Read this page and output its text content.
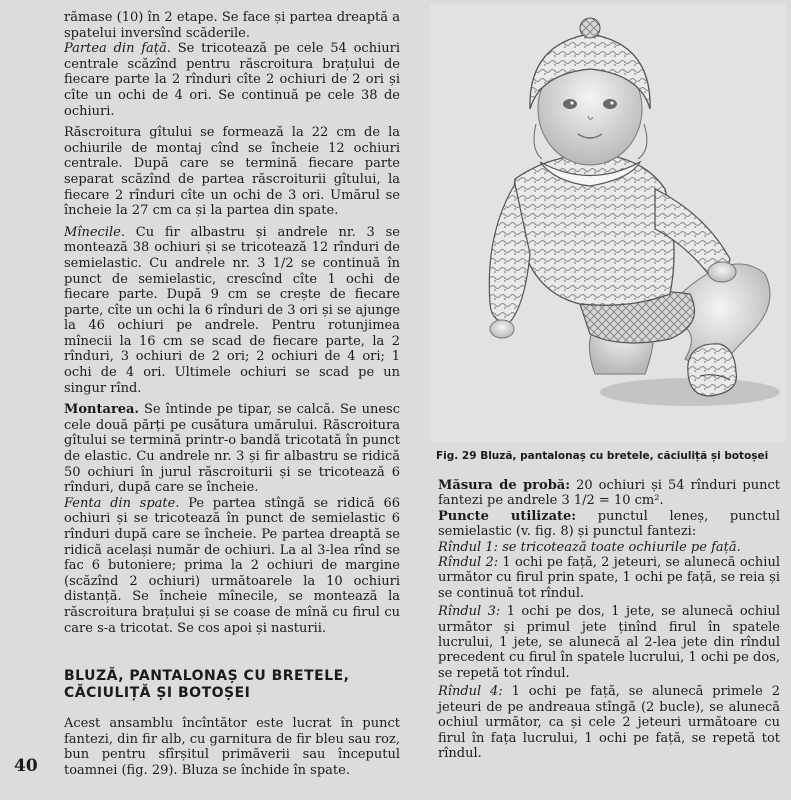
rămase (10) în 2 etape. Se face și partea dreaptă a spatelui inversînd scăderile.

Partea din față. Se tricotează pe cele 54 ochiuri centrale scăzînd pentru răscroitura brațului de fiecare parte la 2 rînduri cîte 2 ochiuri de 2 ori și cîte un ochi de 4 ori. Se continuă pe cele 38 de ochiuri.

Răscroitura gîtului se formează la 22 cm de la ochiurile de montaj cînd se încheie 12 ochiuri centrale. După care se termină fiecare parte separat scăzînd de partea răscroiturii gîtului, la fiecare 2 rînduri cîte un ochi de 3 ori. Umărul se încheie la 27 cm ca și la partea din spate.

Mînecile. Cu fir albastru și andrele nr. 3 se montează 38 ochiuri și se tricotează 12 rînduri de semielastic. Cu andrele nr. 3 1/2 se continuă în punct de semielastic, crescînd cîte 1 ochi de fiecare parte. După 9 cm se crește de fiecare parte, cîte un ochi la 6 rînduri de 3 ori și se ajunge la 46 ochiuri pe andrele. Pentru rotunjimea mînecii la 16 cm se scad de fiecare parte, la 2 rînduri, 3 ochiuri de 2 ori; 2 ochiuri de 4 ori; 1 ochi de 4 ori. Ultimele ochiuri se scad pe un singur rînd.

Montarea. Se întinde pe tipar, se calcă. Se unesc cele două părți pe cusătura umărului. Răscroitura gîtului se termină printr-o bandă tricotată în punct de elastic. Cu andrele nr. 3 și fir albastru se ridică 50 ochiuri în jurul răscroiturii și se tricotează 6 rînduri, după care se încheie.

Fenta din spate. Pe partea stîngă se ridică 66 ochiuri și se tricotează în punct de semielastic 6 rînduri după care se încheie. Pe partea dreaptă se ridică același număr de ochiuri. La al 3-lea rînd se fac 6 butoniere; prima la 2 ochiuri de margine (scăzînd 2 ochiuri) următoarele la 10 ochiuri distanță. Se încheie mînecile, se montează la răscroitura brațului și se coase de mînă cu firul cu care s-a tricotat. Se cos apoi și nasturii.

BLUZĂ, PANTALONAȘ CU BRETELE,
CĂCIULIȚĂ ȘI BOTOȘEI

Acest ansamblu încîntător este lucrat în punct fantezi, din fir alb, cu garnitura de fir bleu sau roz, bun pentru sfîrșitul primăverii sau începutul toamnei (fig. 29). Bluza se închide în spate.

40
Fig. 29 Bluză, pantalonaș cu bretele, căciuliță și botoșei

Măsura de probă: 20 ochiuri și 54 rînduri punct fantezi pe andrele 3 1/2 = 10 cm².

Puncte utilizate: punctul leneș, punctul semielastic (v. fig. 8) și punctul fantezi:

Rîndul 1: se tricotează toate ochiurile pe față.

Rîndul 2: 1 ochi pe față, 2 jeteuri, se alunecă ochiul următor cu firul prin spate, 1 ochi pe față, se reia și se continuă tot rîndul.

Rîndul 3: 1 ochi pe dos, 1 jete, se alunecă ochiul următor și primul jete ținînd firul în spatele lucrului, 1 jete, se alunecă al 2-lea jete din rîndul precedent cu firul în spatele lucrului, 1 ochi pe dos, se repetă tot rîndul.

Rîndul 4: 1 ochi pe față, se alunecă primele 2 jeteuri de pe andreaua stîngă (2 bucle), se alunecă ochiul următor, ca și cele 2 jeteuri următoare cu firul în fața lucrului, 1 ochi pe față, se repetă tot rîndul.
